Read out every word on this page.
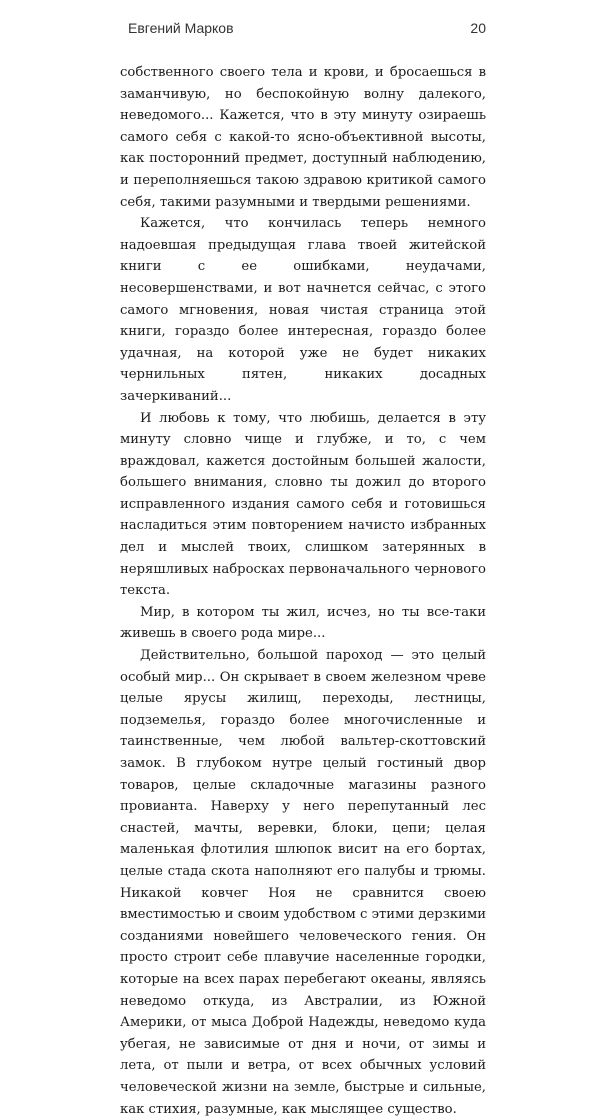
Евгений Марков	20

собственного своего тела и крови, и бросаешься в заманчивую, но беспокойную волну далекого, неведомого... Кажется, что в эту минуту озираешь самого себя с какой-то ясно-объективной высоты, как посторонний предмет, доступный наблюдению, и переполняешься такою здравою критикой самого себя, такими разумными и твердыми решениями.

Кажется, что кончилась теперь немного надоевшая предыдущая глава твоей житейской книги с ее ошибками, неудачами, несовершенствами, и вот начнется сейчас, с этого самого мгновения, новая чистая страница этой книги, гораздо более интересная, гораздо более удачная, на которой уже не будет никаких чернильных пятен, никаких досадных зачеркиваний...

И любовь к тому, что любишь, делается в эту минуту словно чище и глубже, и то, с чем враждовал, кажется достойным большей жалости, большего внимания, словно ты дожил до второго исправленного издания самого себя и готовишься насладиться этим повторением начисто избранных дел и мыслей твоих, слишком затерянных в неряшливых набросках первоначального чернового текста.

Мир, в котором ты жил, исчез, но ты все-таки живешь в своего рода мире...

Действительно, большой пароход — это целый особый мир... Он скрывает в своем железном чреве целые ярусы жилищ, переходы, лестницы, подземелья, гораздо более многочисленные и таинственные, чем любой вальтер-скоттовский замок. В глубоком нутре целый гостиный двор товаров, целые складочные магазины разного провианта. Наверху у него перепутанный лес снастей, мачты, веревки, блоки, цепи; целая маленькая флотилия шлюпок висит на его бортах, целые стада скота наполняют его палубы и трюмы. Никакой ковчег Ноя не сравнится своею вместимостью и своим удобством с этими дерзкими созданиями новейшего человеческого гения. Он просто строит себе плавучие населенные городки, которые на всех парах перебегают океаны, являясь неведомо откуда, из Австралии, из Южной Америки, от мыса Доброй Надежды, неведомо куда убегая, не зависимые от дня и ночи, от зимы и лета, от пыли и ветра, от всех обычных условий человеческой жизни на земле, быстрые и сильные, как стихия, разумные, как мыслящее существо.
